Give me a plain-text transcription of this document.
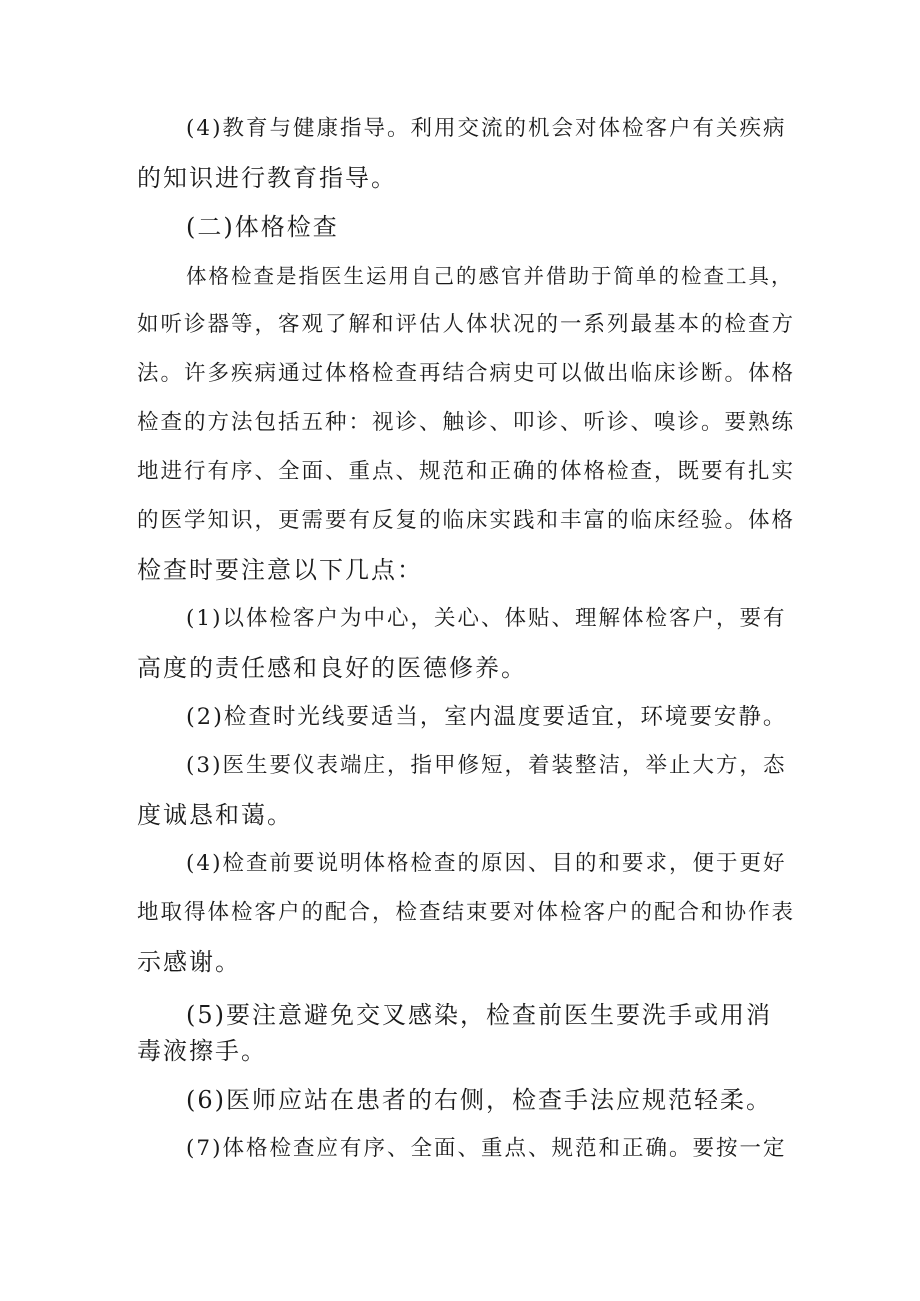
(4)教育与健康指导。利用交流的机会对体检客户有关疾病

的知识进行教育指导。

(二)体格检查

体格检查是指医生运用自己的感官并借助于简单的检查工具，

如听诊器等，客观了解和评估人体状况的一系列最基本的检查方

法。许多疾病通过体格检查再结合病史可以做出临床诊断。体格

检查的方法包括五种：视诊、触诊、叩诊、听诊、嗅诊。要熟练

地进行有序、全面、重点、规范和正确的体格检查，既要有扎实

的医学知识，更需要有反复的临床实践和丰富的临床经验。体格

检查时要注意以下几点：

(1)以体检客户为中心，关心、体贴、理解体检客户，要有

高度的责任感和良好的医德修养。

(2)检查时光线要适当，室内温度要适宜，环境要安静。

(3)医生要仪表端庄，指甲修短，着装整洁，举止大方，态

度诚恳和蔼。

(4)检查前要说明体格检查的原因、目的和要求，便于更好

地取得体检客户的配合，检查结束要对体检客户的配合和协作表

示感谢。

(5)要注意避免交叉感染，检查前医生要洗手或用消

毒液擦手。

(6)医师应站在患者的右侧，检查手法应规范轻柔。

(7)体格检查应有序、全面、重点、规范和正确。要按一定
